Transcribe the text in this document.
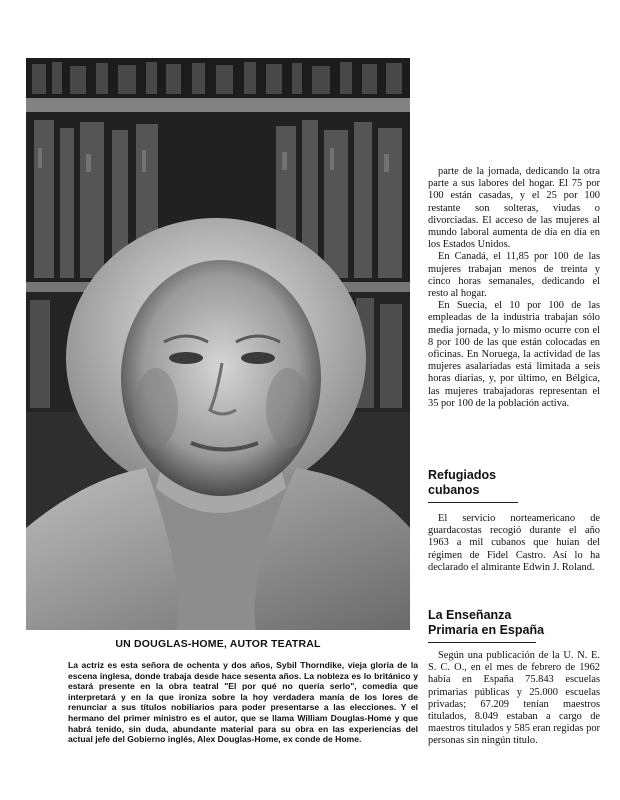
UN DOUGLAS-HOME, AUTOR TEATRAL
La actriz es esta señora de ochenta y dos años, Sybil Thorndike, vieja gloria de la escena inglesa, donde trabaja desde hace sesenta años. La nobleza es lo británico y estará presente en la obra teatral "El por qué no quería serlo", comedia que interpretará y en la que ironiza sobre la hoy verdadera manía de los lores de renunciar a sus títulos nobiliarios para poder presentarse a las elecciones. Y el hermano del primer ministro es el autor, que se llama William Douglas-Home y que habrá tenido, sin duda, abundante material para su obra en las experiencias del actual jefe del Gobierno inglés, Alex Douglas-Home, ex conde de Home.

parte de la jornada, dedicando la otra parte a sus labores del hogar. El 75 por 100 están casadas, y el 25 por 100 restante son solteras, viudas o divorciadas. El acceso de las mujeres al mundo laboral aumenta de día en día en los Estados Unidos.

En Canadá, el 11,85 por 100 de las mujeres trabajan menos de treinta y cinco horas semanales, dedicando el resto al hogar.

En Suecia, el 10 por 100 de las empleadas de la industria trabajan sólo media jornada, y lo mismo ocurre con el 8 por 100 de las que están colocadas en oficinas. En Noruega, la actividad de las mujeres asalariadas está limitada a seis horas diarias, y, por último, en Bélgica, las mujeres trabajadoras representan el 35 por 100 de la población activa.

Refugiados
cubanos

El servicio norteamericano de guardacostas recogió durante el año 1963 a mil cubanos que huían del régimen de Fidel Castro. Así lo ha declarado el almirante Edwin J. Roland.

La Enseñanza
Primaria en España

Según una publicación de la U. N. E. S. C. O., en el mes de febrero de 1962 había en España 75.843 escuelas primarias públicas y 25.000 escuelas privadas; 67.209 tenían maestros titulados, 8.049 estaban a cargo de maestros titulados y 585 eran regidas por personas sin ningún título.
